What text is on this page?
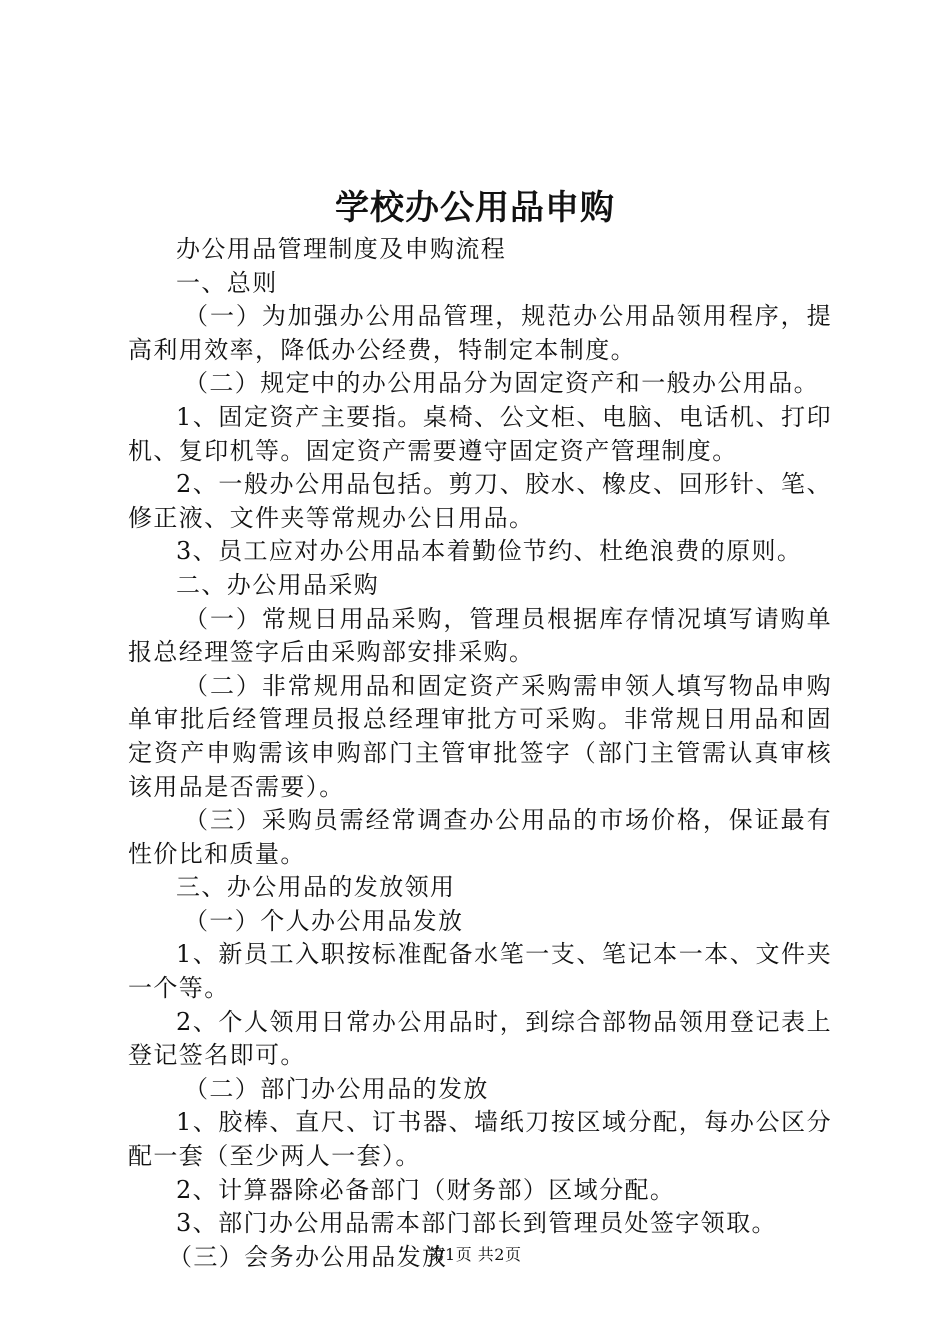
学校办公用品申购

办公用品管理制度及申购流程

一、总则

（一）为加强办公用品管理，规范办公用品领用程序，提高利用效率，降低办公经费，特制定本制度。

（二）规定中的办公用品分为固定资产和一般办公用品。

1、固定资产主要指。桌椅、公文柜、电脑、电话机、打印机、复印机等。固定资产需要遵守固定资产管理制度。

2、一般办公用品包括。剪刀、胶水、橡皮、回形针、笔、修正液、文件夹等常规办公日用品。

3、员工应对办公用品本着勤俭节约、杜绝浪费的原则。

二、办公用品采购

（一）常规日用品采购，管理员根据库存情况填写请购单报总经理签字后由采购部安排采购。

（二）非常规用品和固定资产采购需申领人填写物品申购单审批后经管理员报总经理审批方可采购。非常规日用品和固定资产申购需该申购部门主管审批签字（部门主管需认真审核该用品是否需要）。

（三）采购员需经常调查办公用品的市场价格，保证最有性价比和质量。

三、办公用品的发放领用

（一）个人办公用品发放

1、新员工入职按标准配备水笔一支、笔记本一本、文件夹一个等。

2、个人领用日常办公用品时，到综合部物品领用登记表上登记签名即可。

（二）部门办公用品的发放

1、胶棒、直尺、订书器、墙纸刀按区域分配，每办公区分配一套（至少两人一套）。

2、计算器除必备部门（财务部）区域分配。

3、部门办公用品需本部门部长到管理员处签字领取。

（三）会务办公用品发放

第1页 共2页
